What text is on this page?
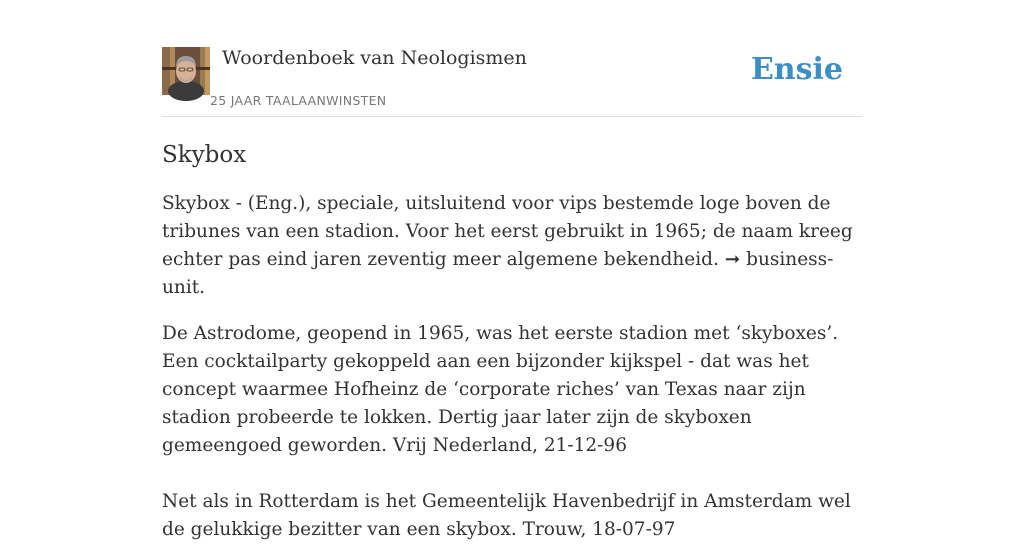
Woordenboek van Neologismen
25 JAAR TAALAANWINSTEN
Ensie
Skybox

Skybox - (Eng.), speciale, uitsluitend voor vips bestemde loge boven de tribunes van een stadion. Voor het eerst gebruikt in 1965; de naam kreeg echter pas eind jaren zeventig meer algemene bekendheid. ➞ business-unit.

De Astrodome, geopend in 1965, was het eerste stadion met ‘skyboxes’. Een cocktailparty gekoppeld aan een bijzonder kijkspel - dat was het concept waarmee Hofheinz de ‘corporate riches’ van Texas naar zijn stadion probeerde te lokken. Dertig jaar later zijn de skyboxen gemeengoed geworden. Vrij Nederland, 21-12-96

Net als in Rotterdam is het Gemeentelijk Havenbedrijf in Amsterdam wel de gelukkige bezitter van een skybox. Trouw, 18-07-97
